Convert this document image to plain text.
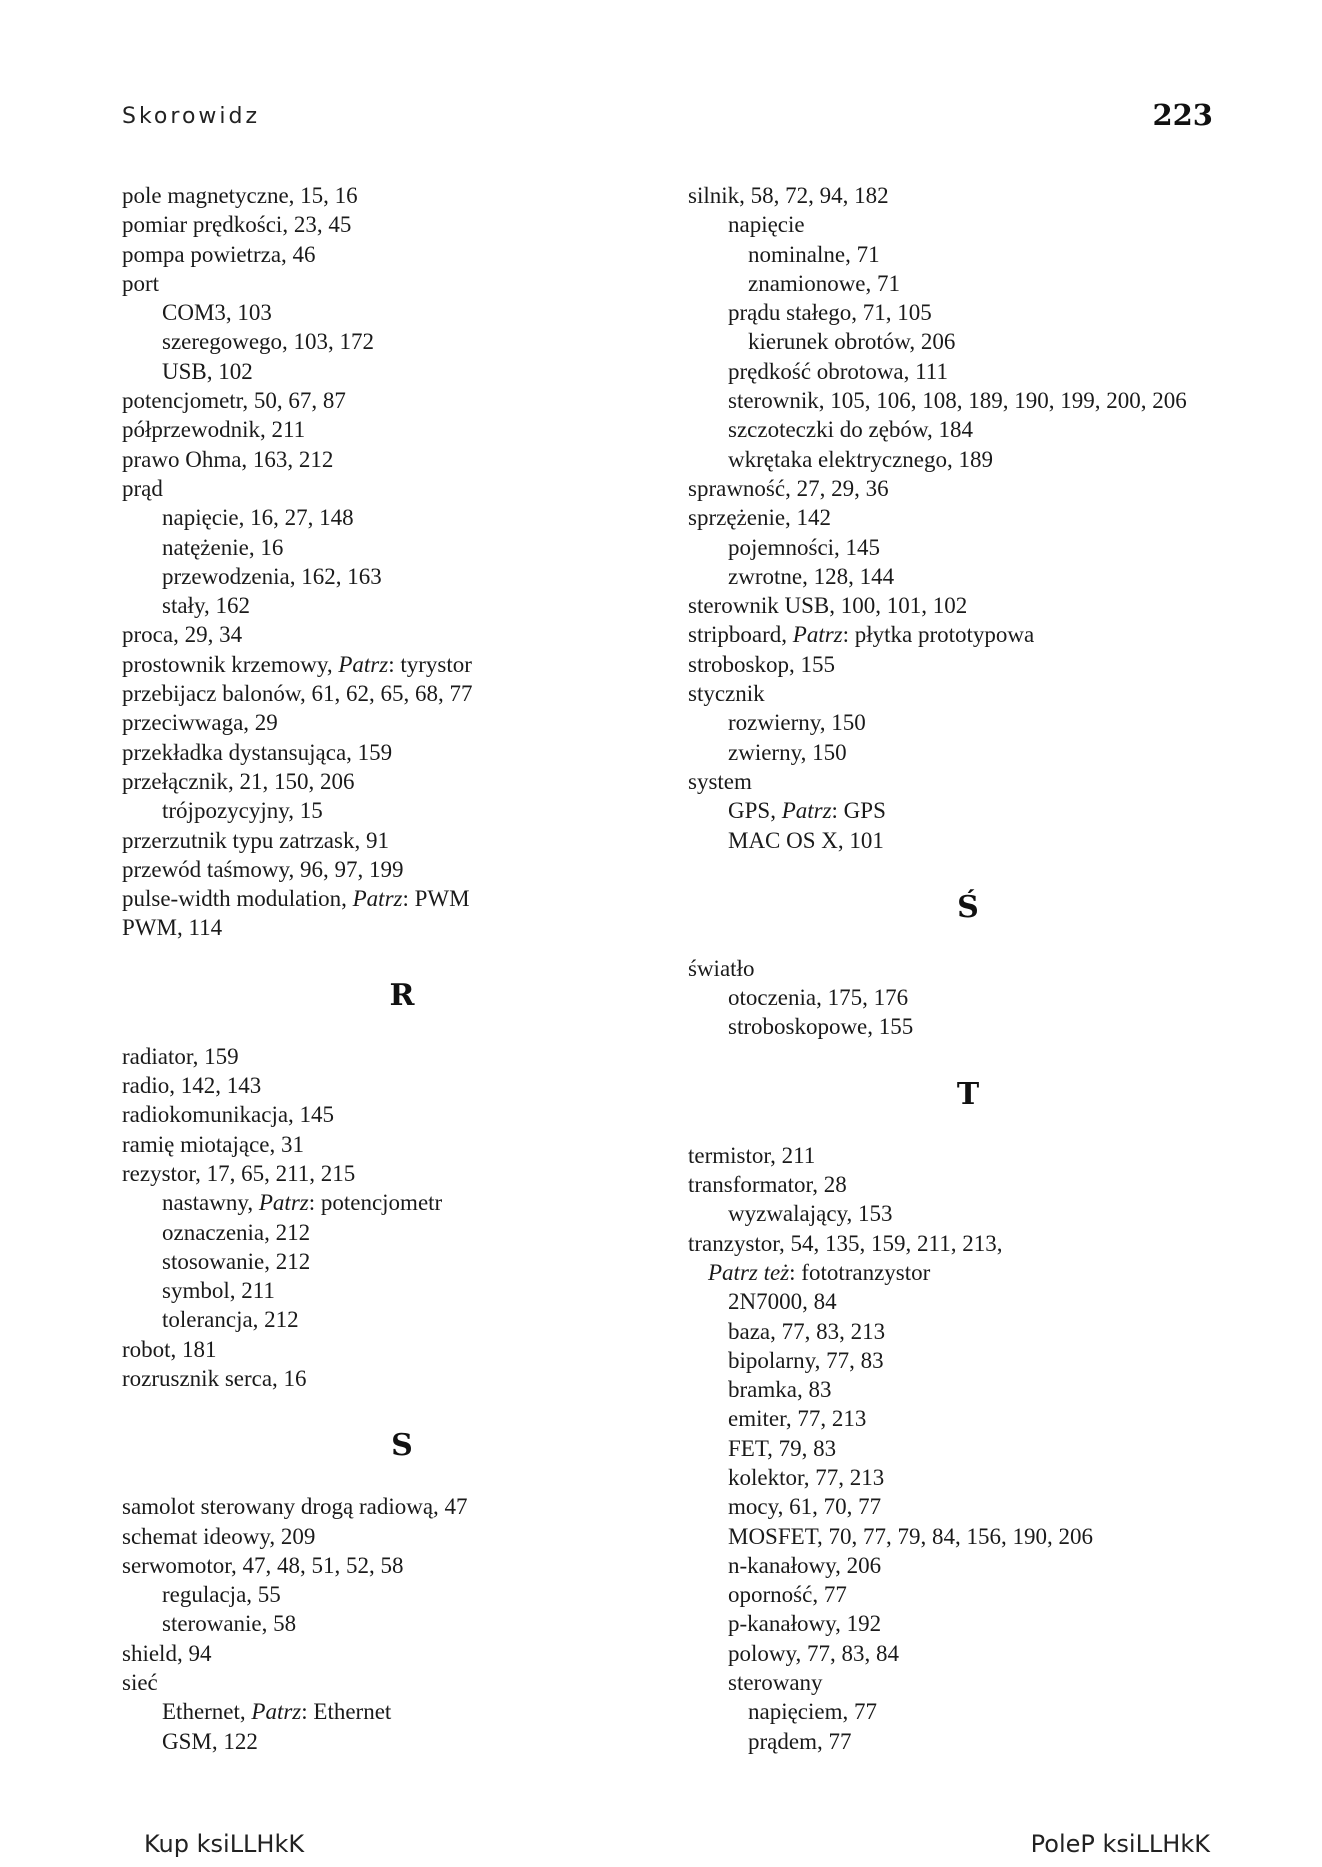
Skorowidz	223
pole magnetyczne, 15, 16
pomiar prędkości, 23, 45
pompa powietrza, 46
port
COM3, 103
szeregowego, 103, 172
USB, 102
potencjometr, 50, 67, 87
półprzewodnik, 211
prawo Ohma, 163, 212
prąd
napięcie, 16, 27, 148
natężenie, 16
przewodzenia, 162, 163
stały, 162
proca, 29, 34
prostownik krzemowy, Patrz: tyrystor
przebijacz balonów, 61, 62, 65, 68, 77
przeciwwaga, 29
przekładka dystansująca, 159
przełącznik, 21, 150, 206
trójpozycyjny, 15
przerzutnik typu zatrzask, 91
przewód taśmowy, 96, 97, 199
pulse-width modulation, Patrz: PWM
PWM, 114
R
radiator, 159
radio, 142, 143
radiokomunikacja, 145
ramię miotające, 31
rezystor, 17, 65, 211, 215
nastawny, Patrz: potencjometr
oznaczenia, 212
stosowanie, 212
symbol, 211
tolerancja, 212
robot, 181
rozrusznik serca, 16
S
samolot sterowany drogą radiową, 47
schemat ideowy, 209
serwomotor, 47, 48, 51, 52, 58
regulacja, 55
sterowanie, 58
shield, 94
sieć
Ethernet, Patrz: Ethernet
GSM, 122
silnik, 58, 72, 94, 182
napięcie
nominalne, 71
znamionowe, 71
prądu stałego, 71, 105
kierunek obrotów, 206
prędkość obrotowa, 111
sterownik, 105, 106, 108, 189, 190, 199, 200, 206
szczoteczki do zębów, 184
wkrętaka elektrycznego, 189
sprawność, 27, 29, 36
sprzężenie, 142
pojemności, 145
zwrotne, 128, 144
sterownik USB, 100, 101, 102
stripboard, Patrz: płytka prototypowa
stroboskop, 155
stycznik
rozwierny, 150
zwierny, 150
system
GPS, Patrz: GPS
MAC OS X, 101
Ś
światło
otoczenia, 175, 176
stroboskopowe, 155
T
termistor, 211
transformator, 28
wyzwalający, 153
tranzystor, 54, 135, 159, 211, 213,
Patrz też: fototranzystor
2N7000, 84
baza, 77, 83, 213
bipolarny, 77, 83
bramka, 83
emiter, 77, 213
FET, 79, 83
kolektor, 77, 213
mocy, 61, 70, 77
MOSFET, 70, 77, 79, 84, 156, 190, 206
n-kanałowy, 206
oporność, 77
p-kanałowy, 192
polowy, 77, 83, 84
sterowany
napięciem, 77
prądem, 77
Kup ksiLLHkK	PoleP ksiLLHkK
